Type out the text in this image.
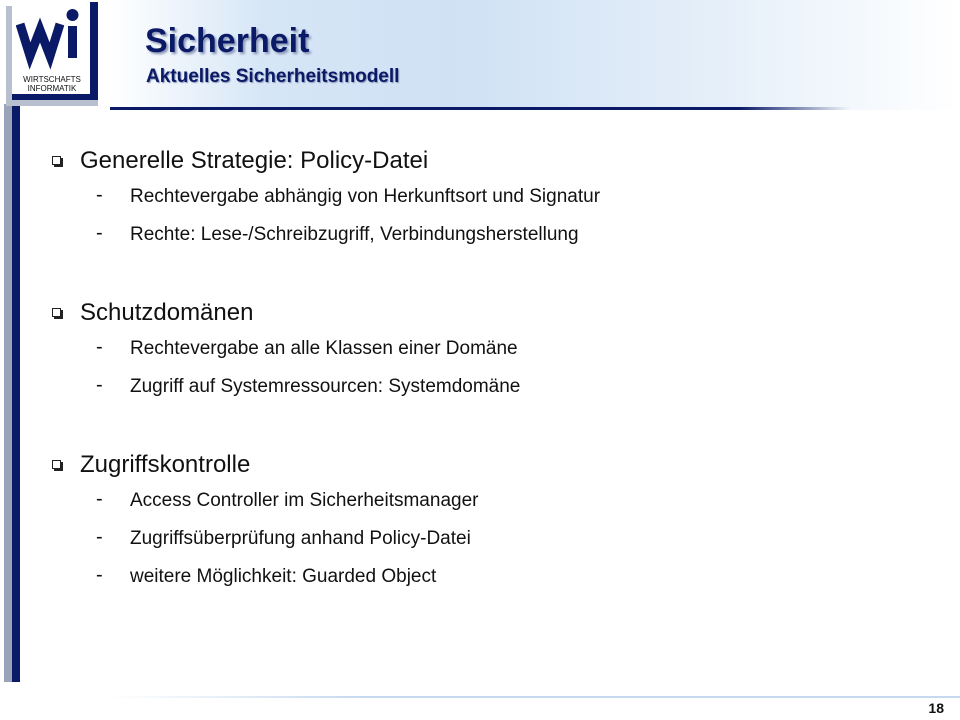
WIRTSCHAFTS
INFORMATIK
Sicherheit
Aktuelles Sicherheitsmodell
Generelle Strategie: Policy-Datei
- Rechtevergabe abhängig von Herkunftsort und Signatur
- Rechte: Lese-/Schreibzugriff, Verbindungsherstellung
Schutzdomänen
- Rechtevergabe an alle Klassen einer Domäne
- Zugriff auf Systemressourcen: Systemdomäne
Zugriffskontrolle
- Access Controller im Sicherheitsmanager
- Zugriffsüberprüfung anhand Policy-Datei
- weitere Möglichkeit: Guarded Object
18
